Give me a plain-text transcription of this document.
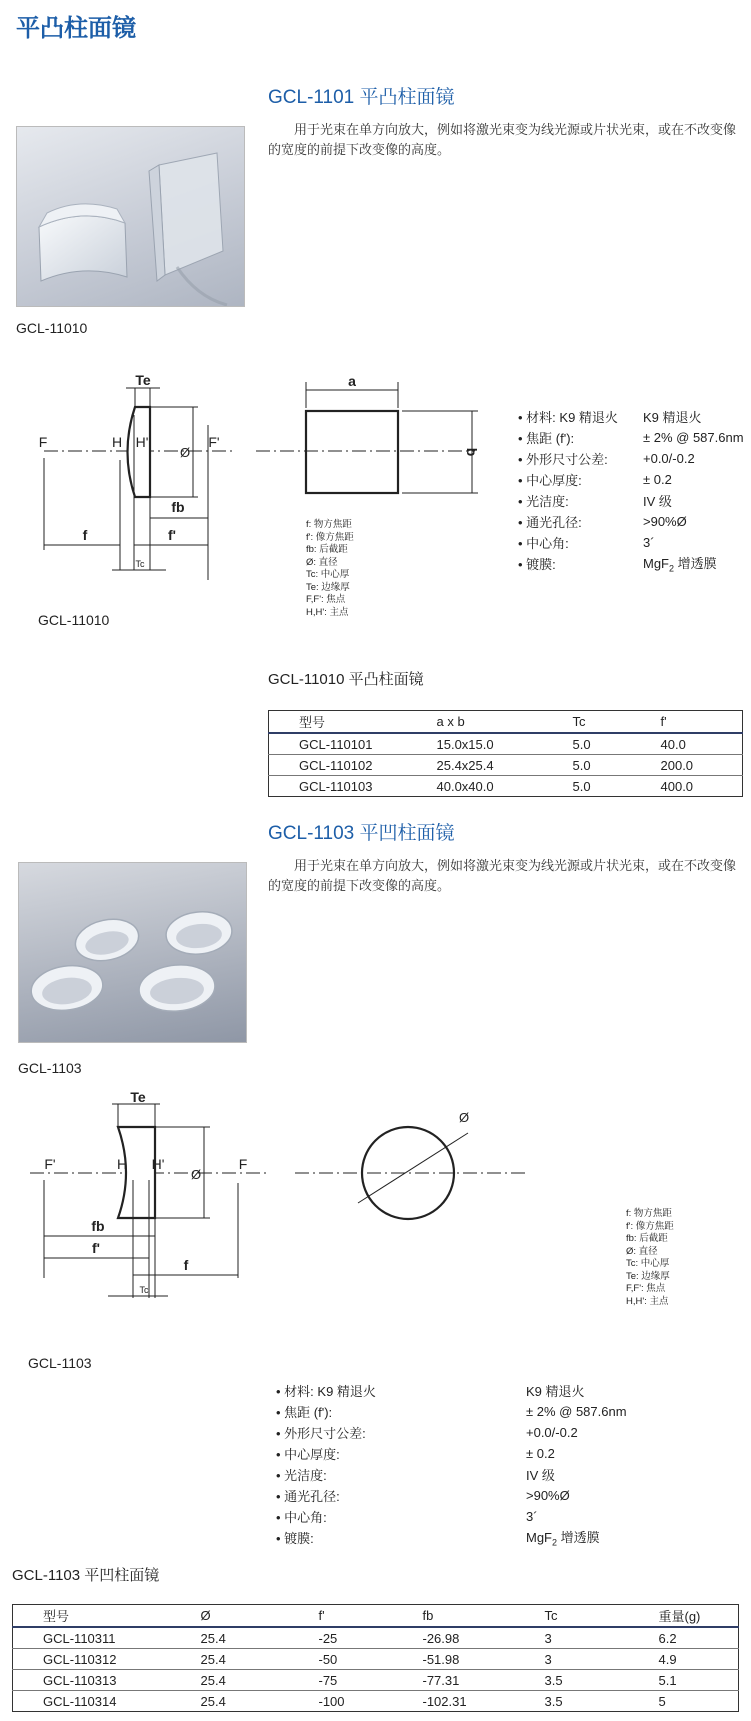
平凸柱面镜
GCL-1101 平凸柱面镜
用于光束在单方向放大，例如将激光束变为线光源或片状光束，或在不改变像的宽度的前提下改变像的高度。
GCL-11010
F	H H'	F'
Te
fb
f	f'
Tc
Ø
a
b
f: 物方焦距
f': 像方焦距
fb: 后截距
Ø: 直径
Tc: 中心厚
Te: 边缘厚
F,F': 焦点
H,H': 主点
• 材料: K9 精退火	K9 精退火
• 焦距 (f'):	± 2% @ 587.6nm
• 外形尺寸公差:	+0.0/-0.2
• 中心厚度:	± 0.2
• 光洁度:	IV 级
• 通光孔径:	>90%Ø
• 中心角:	3´
• 镀膜:	MgF$_2$ 增透膜
GCL-11010
GCL-11010 平凸柱面镜
型号	a x b	Tc	f'
GCL-110101	15.0x15.0	5.0	40.0
GCL-110102	25.4x25.4	5.0	200.0
GCL-110103	40.0x40.0	5.0	400.0
GCL-1103 平凹柱面镜
用于光束在单方向放大，例如将激光束变为线光源或片状光束，或在不改变像的宽度的前提下改变像的高度。
GCL-1103
F'	H H'	F
Te
fb
f'
f
Tc
Ø
Ø
f: 物方焦距
f': 像方焦距
fb: 后截距
Ø: 直径
Tc: 中心厚
Te: 边缘厚
F,F': 焦点
H,H': 主点
GCL-1103
• 材料: K9 精退火	K9 精退火
• 焦距 (f'):	± 2% @ 587.6nm
• 外形尺寸公差:	+0.0/-0.2
• 中心厚度:	± 0.2
• 光洁度:	IV 级
• 通光孔径:	>90%Ø
• 中心角:	3´
• 镀膜:	MgF$_2$ 增透膜
GCL-1103 平凹柱面镜
型号	Ø	f'	fb	Tc	重量(g)
GCL-110311	25.4	-25	-26.98	3	6.2
GCL-110312	25.4	-50	-51.98	3	4.9
GCL-110313	25.4	-75	-77.31	3.5	5.1
GCL-110314	25.4	-100	-102.31	3.5	5
